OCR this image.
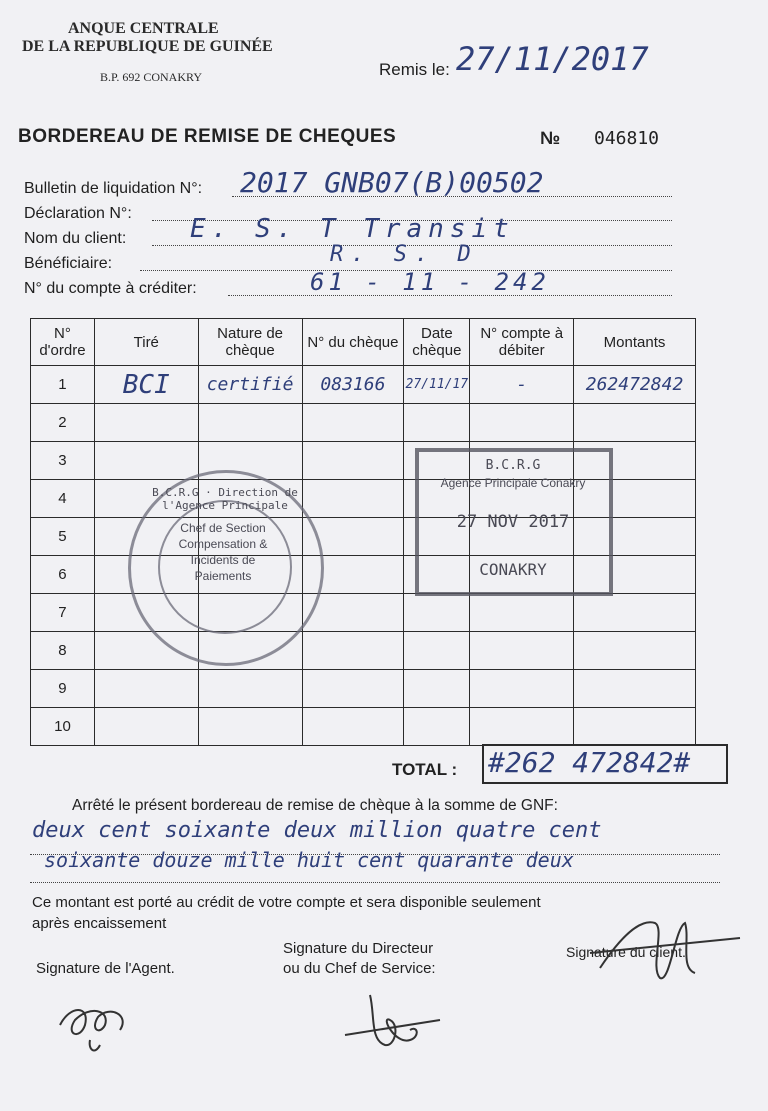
ANQUE CENTRALE
DE LA REPUBLIQUE DE GUINÉE
B.P. 692 CONAKRY	Remis le: 27/11/2017
BORDEREAU DE REMISE DE CHEQUES	№ 046810
Bulletin de liquidation N°: 2017 GNB07(B)00502
Déclaration N°:
Nom du client: E. S. T Transit
Bénéficiaire:	R. S. D
N° du compte à créditer:	61 - 11 - 242
N° d'ordre	Tiré	Nature de chèque	N° du chèque	Date chèque	N° compte à débiter	Montants
1	BCI	certifié	083166	27/11/17	-	262472842
2						
3						
4						
5						
6						
7						
8						
9						
10						
B.C.R.G · Direction de l'Agence Principale
Chef de Section Compensation & Incidents de Paiements
B.C.R.G
Agence Principale Conakry
27 NOV 2017
CONAKRY
TOTAL : #262 472842#
Arrêté le présent bordereau de remise de chèque à la somme de GNF:
deux cent soixante deux million quatre cent
soixante douze mille huit cent quarante deux
Ce montant est porté au crédit de votre compte et sera disponible seulement
après encaissement
Signature de l'Agent.
Signature du Directeur
ou du Chef de Service:
Signature du client.
